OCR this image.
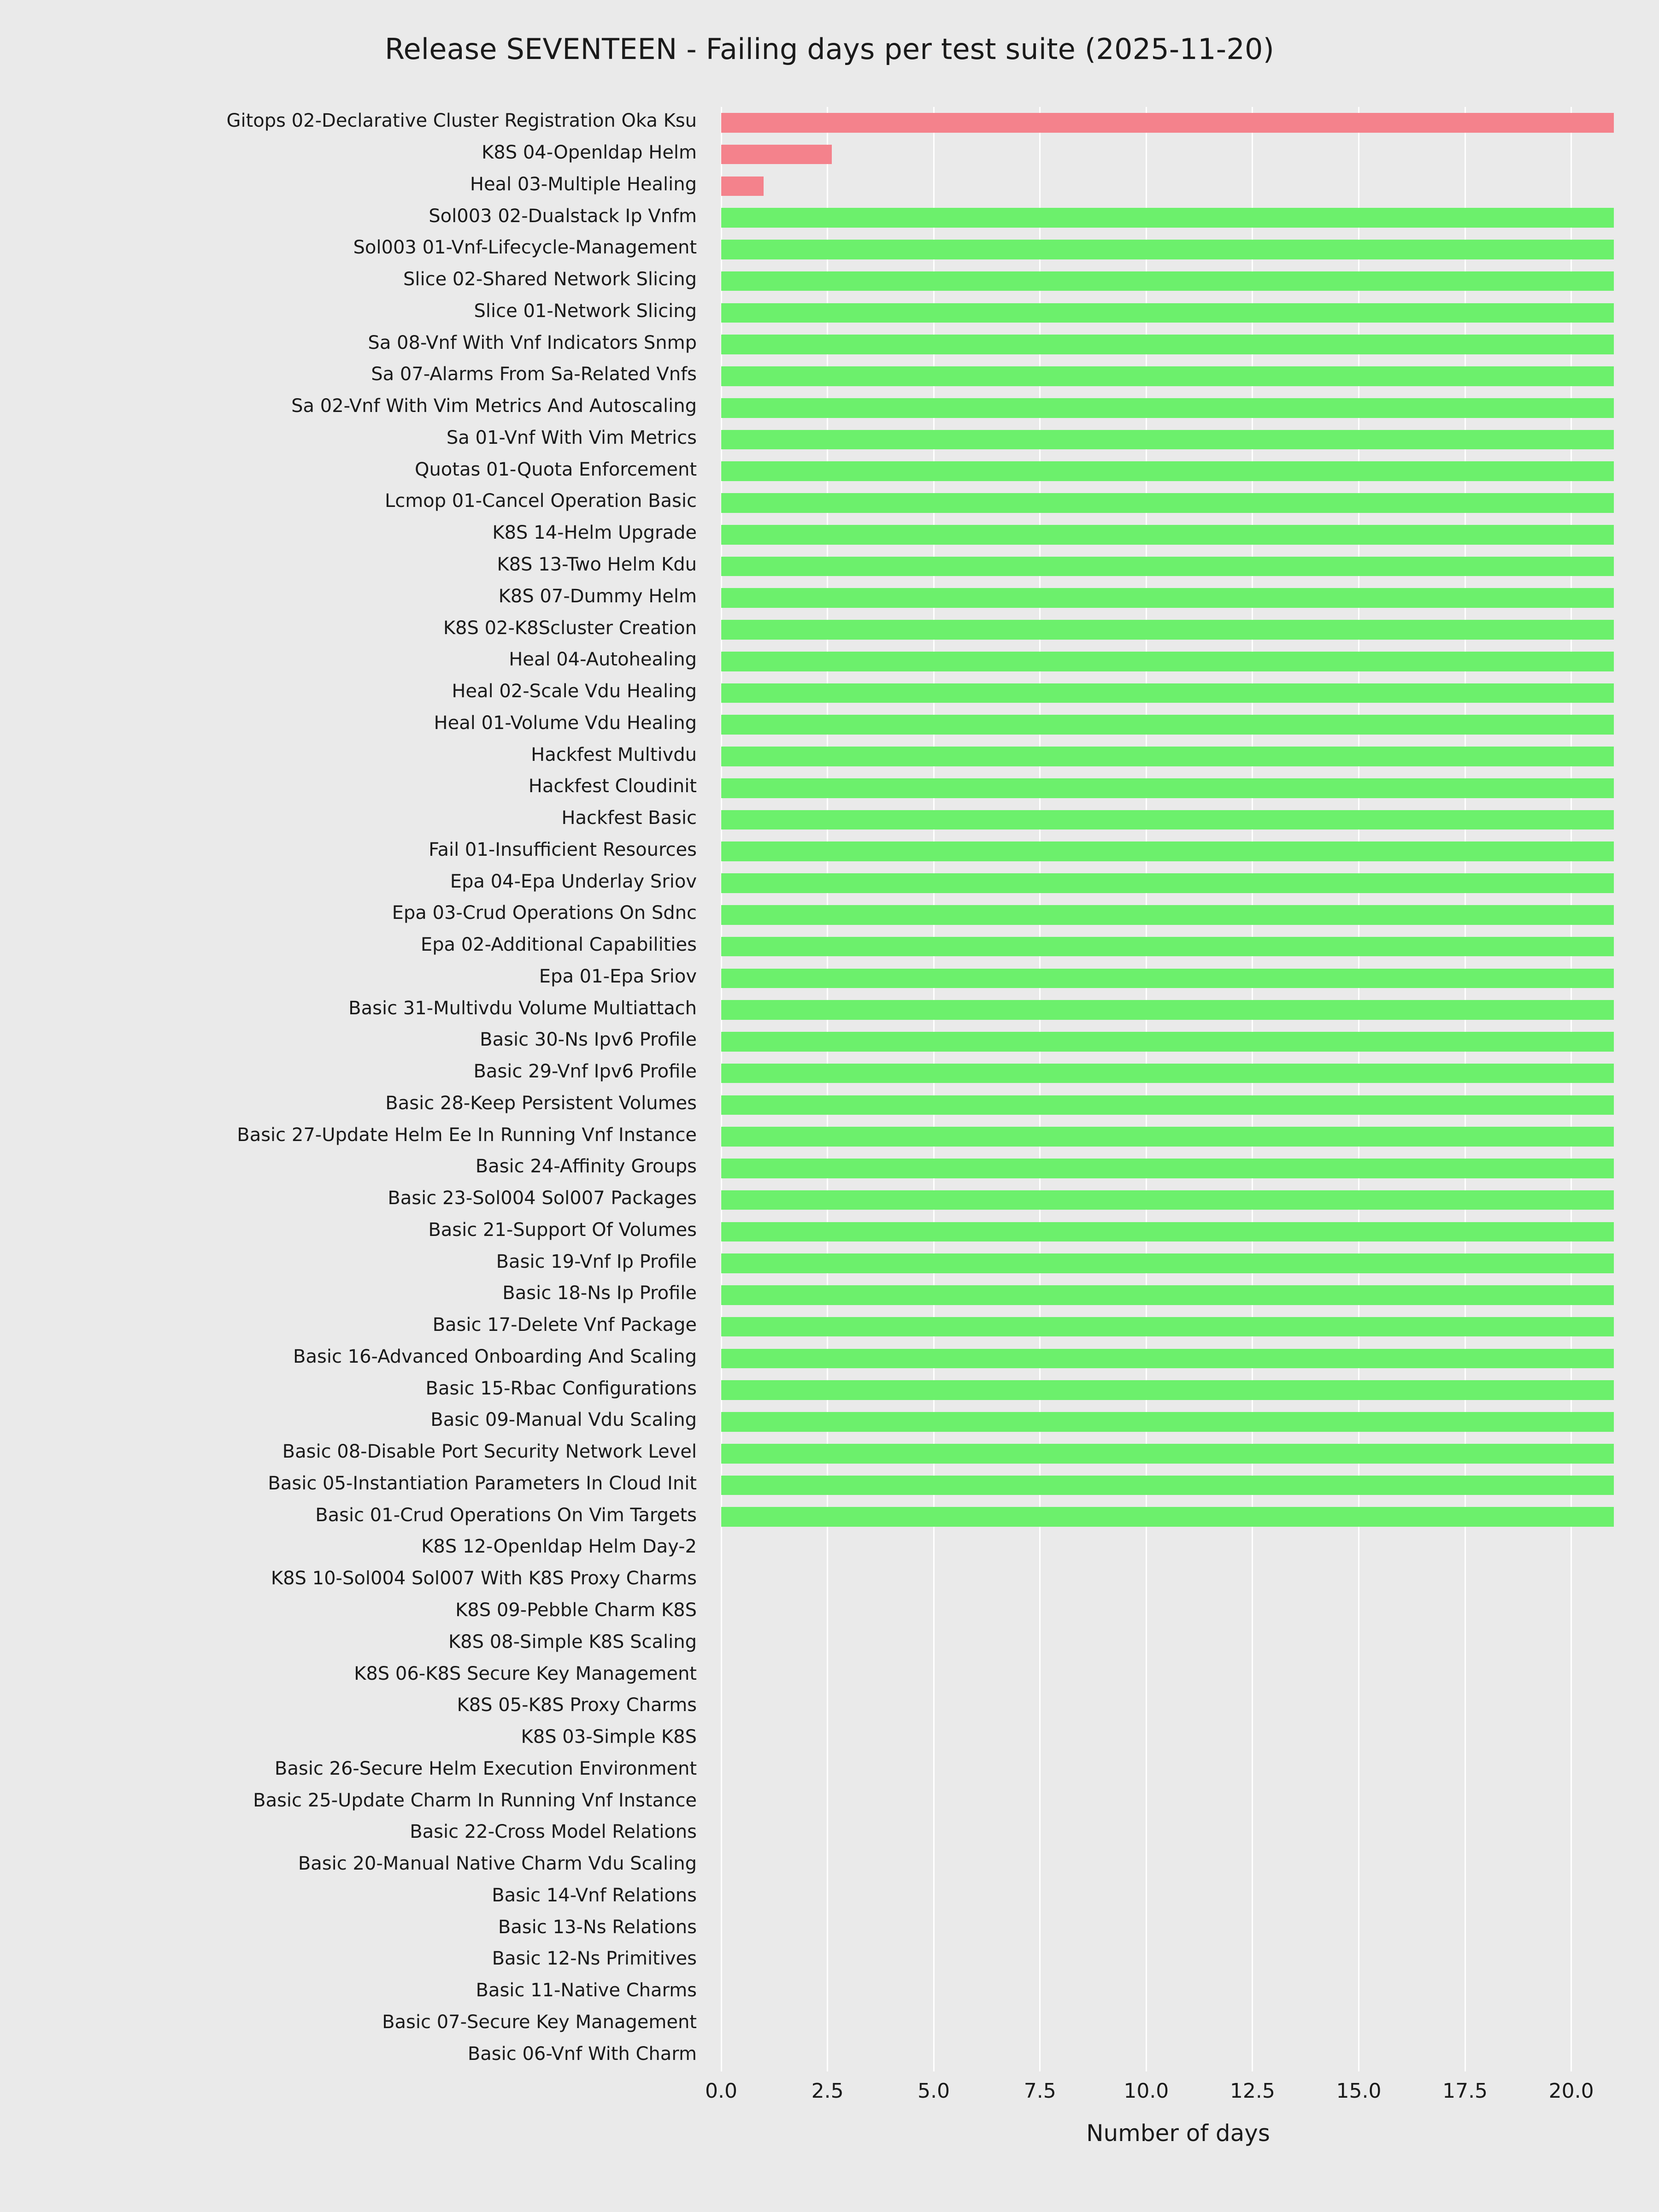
Release SEVENTEEN - Failing days per test suite (2025-11-20)
Gitops 02-Declarative Cluster Registration Oka Ksu
K8S 04-Openldap Helm
Heal 03-Multiple Healing
Sol003 02-Dualstack Ip Vnfm
Sol003 01-Vnf-Lifecycle-Management
Slice 02-Shared Network Slicing
Slice 01-Network Slicing
Sa 08-Vnf With Vnf Indicators Snmp
Sa 07-Alarms From Sa-Related Vnfs
Sa 02-Vnf With Vim Metrics And Autoscaling
Sa 01-Vnf With Vim Metrics
Quotas 01-Quota Enforcement
Lcmop 01-Cancel Operation Basic
K8S 14-Helm Upgrade
K8S 13-Two Helm Kdu
K8S 07-Dummy Helm
K8S 02-K8Scluster Creation
Heal 04-Autohealing
Heal 02-Scale Vdu Healing
Heal 01-Volume Vdu Healing
Hackfest Multivdu
Hackfest Cloudinit
Hackfest Basic
Fail 01-Insufficient Resources
Epa 04-Epa Underlay Sriov
Epa 03-Crud Operations On Sdnc
Epa 02-Additional Capabilities
Epa 01-Epa Sriov
Basic 31-Multivdu Volume Multiattach
Basic 30-Ns Ipv6 Profile
Basic 29-Vnf Ipv6 Profile
Basic 28-Keep Persistent Volumes
Basic 27-Update Helm Ee In Running Vnf Instance
Basic 24-Affinity Groups
Basic 23-Sol004 Sol007 Packages
Basic 21-Support Of Volumes
Basic 19-Vnf Ip Profile
Basic 18-Ns Ip Profile
Basic 17-Delete Vnf Package
Basic 16-Advanced Onboarding And Scaling
Basic 15-Rbac Configurations
Basic 09-Manual Vdu Scaling
Basic 08-Disable Port Security Network Level
Basic 05-Instantiation Parameters In Cloud Init
Basic 01-Crud Operations On Vim Targets
K8S 12-Openldap Helm Day-2
K8S 10-Sol004 Sol007 With K8S Proxy Charms
K8S 09-Pebble Charm K8S
K8S 08-Simple K8S Scaling
K8S 06-K8S Secure Key Management
K8S 05-K8S Proxy Charms
K8S 03-Simple K8S
Basic 26-Secure Helm Execution Environment
Basic 25-Update Charm In Running Vnf Instance
Basic 22-Cross Model Relations
Basic 20-Manual Native Charm Vdu Scaling
Basic 14-Vnf Relations
Basic 13-Ns Relations
Basic 12-Ns Primitives
Basic 11-Native Charms
Basic 07-Secure Key Management
Basic 06-Vnf With Charm
0.0	2.5	5.0	7.5	10.0	12.5	15.0	17.5	20.0
Number of days
